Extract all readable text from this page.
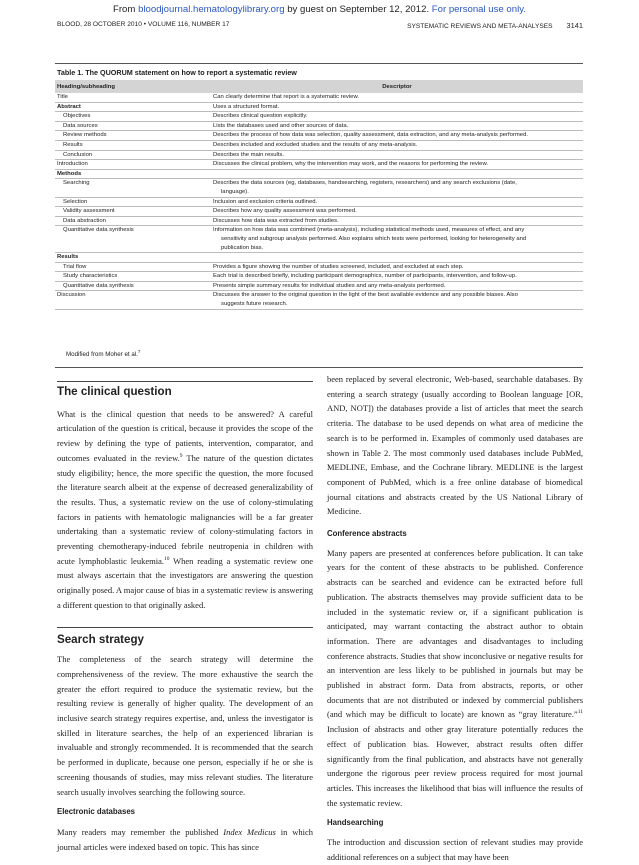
From bloodjournal.hematologylibrary.org by guest on September 12, 2012. For personal use only.
BLOOD, 28 OCTOBER 2010 • VOLUME 116, NUMBER 17	SYSTEMATIC REVIEWS AND META-ANALYSES 3141
Table 1. The QUORUM statement on how to report a systematic review
Heading/subheading	Descriptor
Title	Can clearly determine that report is a systematic review.
Abstract	Uses a structured format.
Objectives	Describes clinical question explicitly.
Data sources	Lists the databases used and other sources of data.
Review methods	Describes the process of how data was selection, quality assessment, data extraction, and any meta-analysis performed.
Results	Describes included and excluded studies and the results of any meta-analysis.
Conclusion	Describes the main results.
Introduction	Discusses the clinical problem, why the intervention may work, and the reasons for performing the review.
Methods	
Searching	Describes the data sources (eg, databases, handsearching, registers, researchers) and any search exclusions (date,
language).

Selection	Inclusion and exclusion criteria outlined.
Validity assessment	Describes how any quality assessment was performed.
Data abstraction	Discusses how data was extracted from studies.
Quantitative data synthesis	Information on how data was combined (meta-analysis), including statistical methods used, measures of effect, and any
sensitivity and subgroup analysis performed. Also explains which tests were performed, looking for heterogeneity and
publication bias.

Results	
Trial flow	Provides a figure showing the number of studies screened, included, and excluded at each step.
Study characteristics	Each trial is described briefly, including participant demographics, number of participants, intervention, and follow-up.
Quantitative data synthesis	Presents simple summary results for individual studies and any meta-analysis performed.
Discussion	Discusses the answer to the original question in the light of the best available evidence and any possible biases. Also
suggests future research.
Modified from Moher et al.$^7$
The clinical question

What is the clinical question that needs to be answered? A careful articulation of the question is critical, because it provides the scope of the review by defining the type of patients, intervention, comparator, and outcomes evaluated in the review.$^9$ The nature of the question dictates study eligibility; hence, the more specific the question, the more focused the literature search albeit at the expense of decreased generalizability of the results. Thus, a systematic review on the use of colony-stimulating factors in patients with hematologic malignancies will be a far greater undertaking than a systematic review of colony-stimulating factors in preventing chemotherapy-induced febrile neutropenia in children with acute lymphoblastic leukemia.$^{10}$ When reading a systematic review one must always ascertain that the investigators are answering the question originally posed. A major cause of bias in a systematic review is answering a different question to that originally asked.

Search strategy

The completeness of the search strategy will determine the comprehensiveness of the review. The more exhaustive the search the greater the effort required to produce the systematic review, but the resulting review is generally of higher quality. The development of an inclusive search strategy requires expertise, and, unless the investigator is skilled in literature searches, the help of an experienced librarian is invaluable and strongly recommended. It is recommended that the search be performed in duplicate, because one person, especially if he or she is screening thousands of studies, may miss relevant studies. The literature search usually involves searching the following source.

Electronic databases

Many readers may remember the published Index Medicus in which journal articles were indexed based on topic. This has since

been replaced by several electronic, Web-based, searchable databases. By entering a search strategy (usually according to Boolean language [OR, AND, NOT]) the databases provide a list of articles that meet the search criteria. The database to be used depends on what area of medicine the search is to be performed in. Examples of commonly used databases are shown in Table 2. The most commonly used databases include PubMed, MEDLINE, Embase, and the Cochrane library. MEDLINE is the largest component of PubMed, which is a free online database of biomedical journal citations and abstracts created by the US National Library of Medicine.

Conference abstracts

Many papers are presented at conferences before publication. It can take years for the content of these abstracts to be published. Conference abstracts can be searched and evidence can be extracted before full publication. The abstracts themselves may provide sufficient data to be included in the systematic review or, if a significant publication is anticipated, may warrant contacting the abstract author to obtain information. There are advantages and disadvantages to including conference abstracts. Studies that show inconclusive or negative results for an intervention are less likely to be published in journals but may be published in abstract form. Data from abstracts, reports, or other documents that are not distributed or indexed by commercial publishers (and which may be difficult to locate) are known as “gray literature.”$^{11}$ Inclusion of abstracts and other gray literature potentially reduces the effect of publication bias. However, abstract results often differ significantly from the final publication, and abstracts have not generally undergone the rigorous peer review process required for most journal articles. This increases the likelihood that bias will influence the results of the systematic review.

Handsearching

The introduction and discussion section of relevant studies may provide additional references on a subject that may have been
